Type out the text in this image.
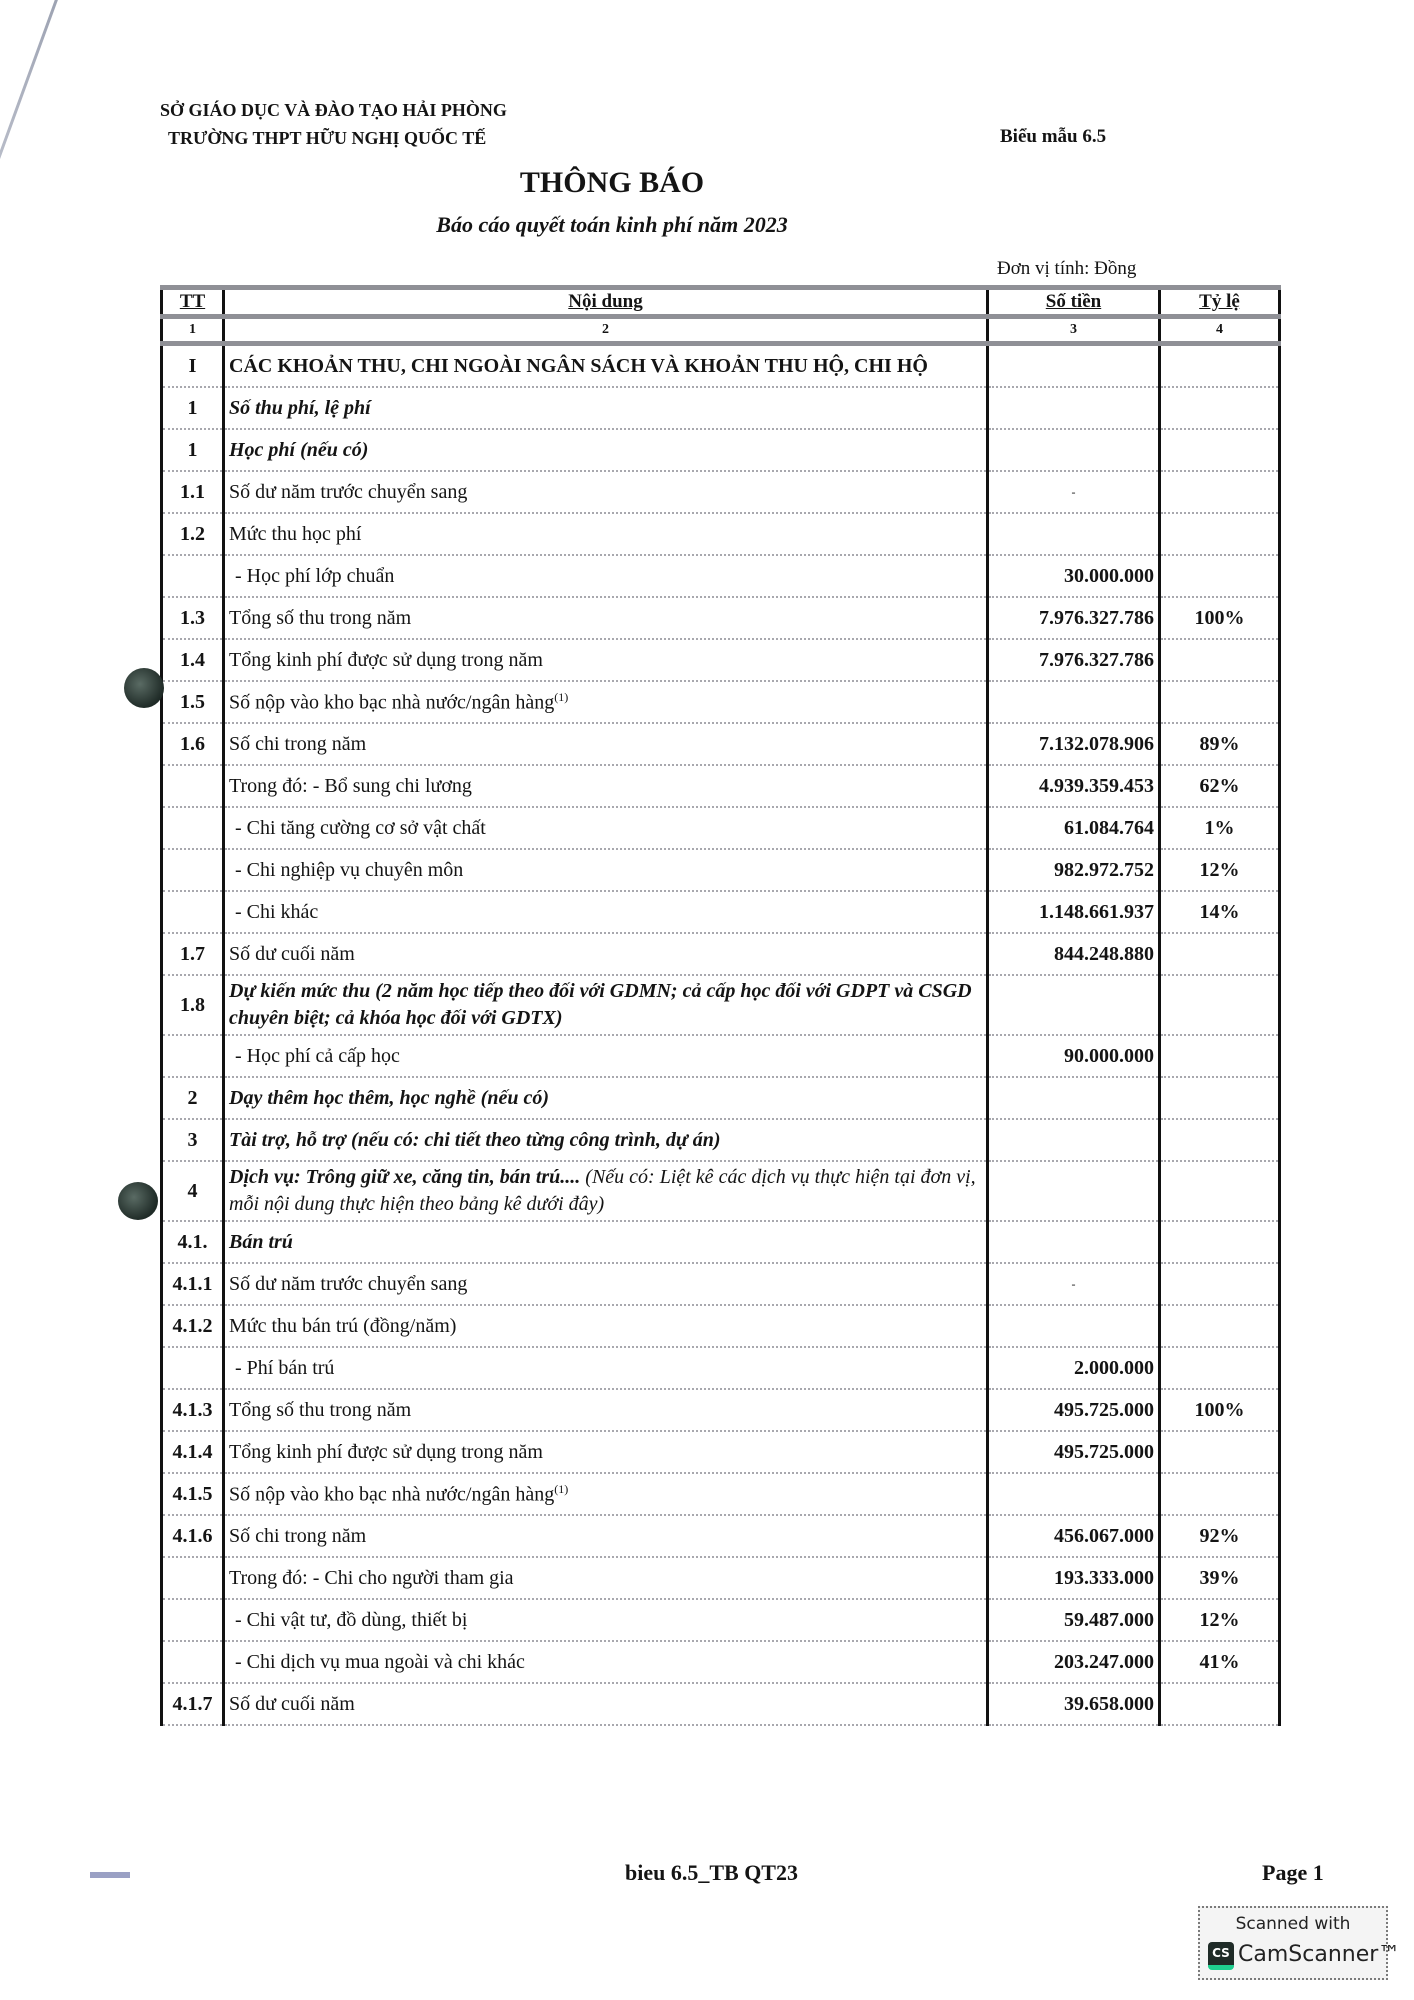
SỞ GIÁO DỤC VÀ ĐÀO TẠO HẢI PHÒNG
TRƯỜNG THPT HỮU NGHỊ QUỐC TẾ	Biểu mẫu 6.5
THÔNG BÁO
Báo cáo quyết toán kinh phí năm 2023
Đơn vị tính: Đồng
TT	Nội dung	Số tiền	Tỷ lệ
1	2	3	4
I	CÁC KHOẢN THU, CHI NGOÀI NGÂN SÁCH VÀ KHOẢN THU HỘ, CHI HỘ		
1	Số thu phí, lệ phí		
1	Học phí (nếu có)		
1.1	Số dư năm trước chuyển sang	-	
1.2	Mức thu học phí		
	- Học phí lớp chuẩn	30.000.000	
1.3	Tổng số thu trong năm	7.976.327.786	100%
1.4	Tổng kinh phí được sử dụng trong năm	7.976.327.786	
1.5	Số nộp vào kho bạc nhà nước/ngân hàng$^{(1)}$		
1.6	Số chi trong năm	7.132.078.906	89%
	Trong đó: - Bổ sung chi lương	4.939.359.453	62%
	- Chi tăng cường cơ sở vật chất	61.084.764	1%
	- Chi nghiệp vụ chuyên môn	982.972.752	12%
	- Chi khác	1.148.661.937	14%
1.7	Số dư cuối năm	844.248.880	
1.8	Dự kiến mức thu (2 năm học tiếp theo đối với GDMN; cả cấp học đối với GDPT và CSGD chuyên biệt; cả khóa học đối với GDTX)		
	- Học phí cả cấp học	90.000.000	
2	Dạy thêm học thêm, học nghề (nếu có)		
3	Tài trợ, hỗ trợ (nếu có: chi tiết theo từng công trình, dự án)		
4	Dịch vụ: Trông giữ xe, căng tin, bán trú.... (Nếu có: Liệt kê các dịch vụ thực hiện tại đơn vị, mỗi nội dung thực hiện theo bảng kê dưới đây)		
4.1.	Bán trú		
4.1.1	Số dư năm trước chuyển sang	-	
4.1.2	Mức thu bán trú (đồng/năm)		
	- Phí bán trú	2.000.000	
4.1.3	Tổng số thu trong năm	495.725.000	100%
4.1.4	Tổng kinh phí được sử dụng trong năm	495.725.000	
4.1.5	Số nộp vào kho bạc nhà nước/ngân hàng$^{(1)}$		
4.1.6	Số chi trong năm	456.067.000	92%
	Trong đó: - Chi cho người tham gia	193.333.000	39%
	- Chi vật tư, đồ dùng, thiết bị	59.487.000	12%
	- Chi dịch vụ mua ngoài và chi khác	203.247.000	41%
4.1.7	Số dư cuối năm	39.658.000	
bieu 6.5_TB QT23	Page 1
Scanned with
CS CamScanner™
